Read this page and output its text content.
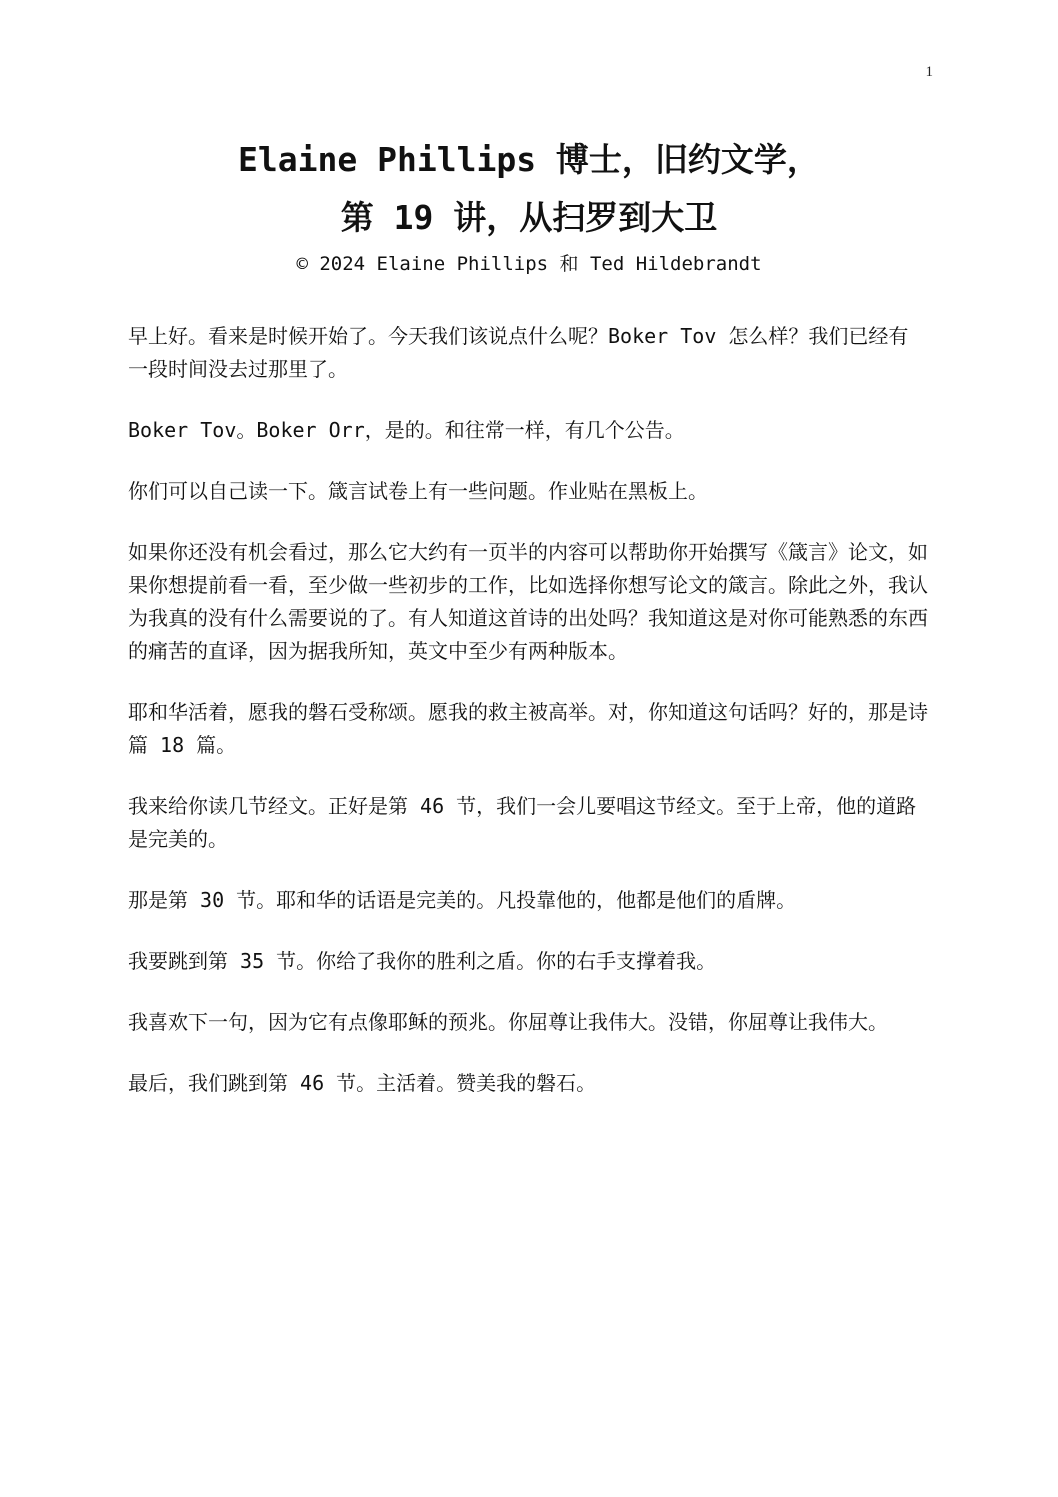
1
Elaine Phillips 博士，旧约文学，
第 19 讲，从扫罗到大卫
© 2024 Elaine Phillips 和 Ted Hildebrandt

早上好。看来是时候开始了。今天我们该说点什么呢？Boker Tov 怎么样？我们已经有一段时间没去过那里了。

Boker Tov。Boker Orr，是的。和往常一样，有几个公告。

你们可以自己读一下。箴言试卷上有一些问题。作业贴在黑板上。

如果你还没有机会看过，那么它大约有一页半的内容可以帮助你开始撰写《箴言》论文，如果你想提前看一看，至少做一些初步的工作，比如选择你想写论文的箴言。除此之外，我认为我真的没有什么需要说的了。有人知道这首诗的出处吗？我知道这是对你可能熟悉的东西的痛苦的直译，因为据我所知，英文中至少有两种版本。

耶和华活着，愿我的磐石受称颂。愿我的救主被高举。对，你知道这句话吗？好的，那是诗篇 18 篇。

我来给你读几节经文。正好是第 46 节，我们一会儿要唱这节经文。至于上帝，他的道路是完美的。

那是第 30 节。耶和华的话语是完美的。凡投靠他的，他都是他们的盾牌。

我要跳到第 35 节。你给了我你的胜利之盾。你的右手支撑着我。

我喜欢下一句，因为它有点像耶稣的预兆。你屈尊让我伟大。没错，你屈尊让我伟大。

最后，我们跳到第 46 节。主活着。赞美我的磐石。
